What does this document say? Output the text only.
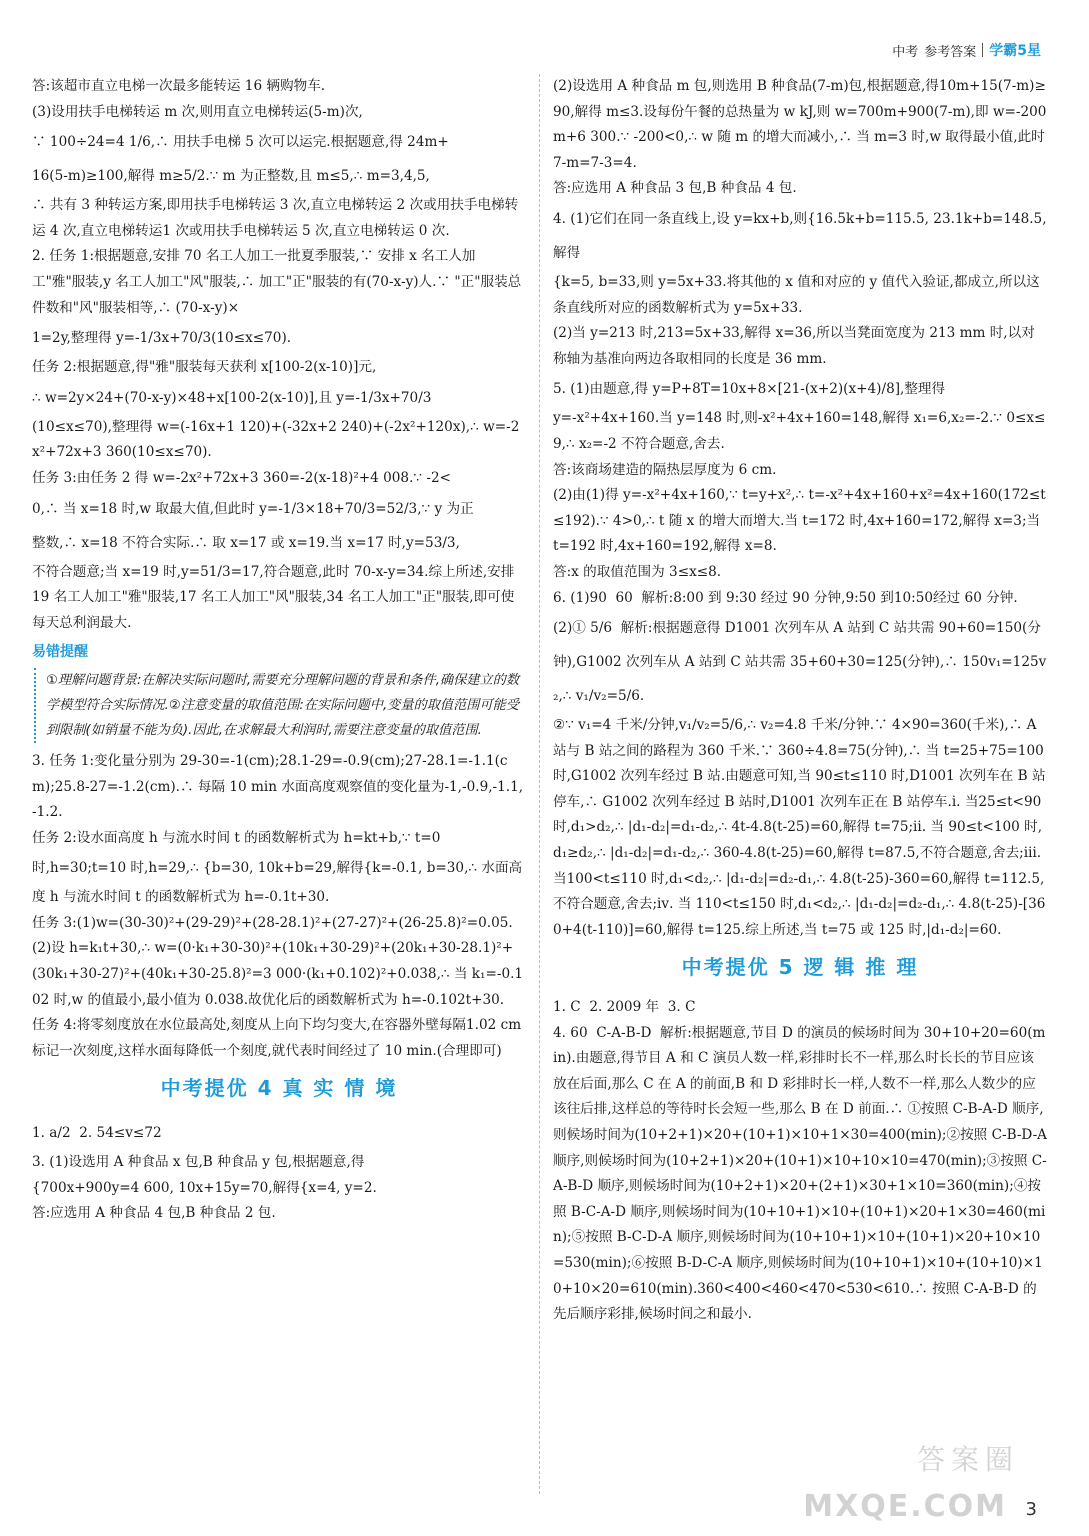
中考 参考答案 学霸5星

答:该超市直立电梯一次最多能转运 16 辆购物车.
(3)设用扶手电梯转运 m 次,则用直立电梯转运(5-m)次,

∵ 100÷24=4 1/6,∴ 用扶手电梯 5 次可以运完.根据题意,得 24m+

16(5-m)≥100,解得 m≥5/2.∵ m 为正整数,且 m≤5,∴ m=3,4,5,

∴ 共有 3 种转运方案,即用扶手电梯转运 3 次,直立电梯转运 2 次或用扶手电梯转运 4 次,直立电梯转运1 次或用扶手电梯转运 5 次,直立电梯转运 0 次.

2. 任务 1:根据题意,安排 70 名工人加工一批夏季服装,∵ 安排 x 名工人加工"雅"服装,y 名工人加工"风"服装,∴ 加工"正"服装的有(70-x-y)人.∵ "正"服装总件数和"风"服装相等,∴ (70-x-y)×

1=2y,整理得 y=-1/3x+70/3(10≤x≤70).

任务 2:根据题意,得"雅"服装每天获利 x[100-2(x-10)]元,

∴ w=2y×24+(70-x-y)×48+x[100-2(x-10)],且 y=-1/3x+70/3

(10≤x≤70),整理得 w=(-16x+1 120)+(-32x+2 240)+(-2x²+120x),∴ w=-2x²+72x+3 360(10≤x≤70).

任务 3:由任务 2 得 w=-2x²+72x+3 360=-2(x-18)²+4 008.∵ -2<

0,∴ 当 x=18 时,w 取最大值,但此时 y=-1/3×18+70/3=52/3,∵ y 为正

整数,∴ x=18 不符合实际.∴ 取 x=17 或 x=19.当 x=17 时,y=53/3,

不符合题意;当 x=19 时,y=51/3=17,符合题意,此时 70-x-y=34.综上所述,安排 19 名工人加工"雅"服装,17 名工人加工"风"服装,34 名工人加工"正"服装,即可使每天总利润最大.

易错提醒
①理解问题背景:在解决实际问题时,需要充分理解问题的背景和条件,确保建立的数学模型符合实际情况.②注意变量的取值范围:在实际问题中,变量的取值范围可能受到限制(如销量不能为负).因此,在求解最大利润时,需要注意变量的取值范围.

3. 任务 1:变化量分别为 29-30=-1(cm);28.1-29=-0.9(cm);27-28.1=-1.1(cm);25.8-27=-1.2(cm).∴ 每隔 10 min 水面高度观察值的变化量为-1,-0.9,-1.1,-1.2.
任务 2:设水面高度 h 与流水时间 t 的函数解析式为 h=kt+b,∵ t=0

时,h=30;t=10 时,h=29,∴ {b=30, 10k+b=29,解得{k=-0.1, b=30,∴ 水面高

度 h 与流水时间 t 的函数解析式为 h=-0.1t+30.
任务 3:(1)w=(30-30)²+(29-29)²+(28-28.1)²+(27-27)²+(26-25.8)²=0.05.
(2)设 h=k₁t+30,∴ w=(0·k₁+30-30)²+(10k₁+30-29)²+(20k₁+30-28.1)²+(30k₁+30-27)²+(40k₁+30-25.8)²=3 000·(k₁+0.102)²+0.038,∴ 当 k₁=-0.102 时,w 的值最小,最小值为 0.038.故优化后的函数解析式为 h=-0.102t+30.
任务 4:将零刻度放在水位最高处,刻度从上向下均匀变大,在容器外壁每隔1.02 cm 标记一次刻度,这样水面每降低一个刻度,就代表时间经过了 10 min.(合理即可)

中考提优 4 真 实 情 境

1. a/2  2. 54≤v≤72

3. (1)设选用 A 种食品 x 包,B 种食品 y 包,根据题意,得
{700x+900y=4 600, 10x+15y=70,解得{x=4, y=2.
答:应选用 A 种食品 4 包,B 种食品 2 包.

(2)设选用 A 种食品 m 包,则选用 B 种食品(7-m)包,根据题意,得10m+15(7-m)≥90,解得 m≤3.设每份午餐的总热量为 w kJ,则 w=700m+900(7-m),即 w=-200m+6 300.∵ -200<0,∴ w 随 m 的增大而减小,∴ 当 m=3 时,w 取得最小值,此时 7-m=7-3=4.
答:应选用 A 种食品 3 包,B 种食品 4 包.

4. (1)它们在同一条直线上,设 y=kx+b,则{16.5k+b=115.5, 23.1k+b=148.5,解得

{k=5, b=33,则 y=5x+33.将其他的 x 值和对应的 y 值代入验证,都成立,所以这条直线所对应的函数解析式为 y=5x+33.
(2)当 y=213 时,213=5x+33,解得 x=36,所以当凳面宽度为 213 mm 时,以对称轴为基准向两边各取相同的长度是 36 mm.

5. (1)由题意,得 y=P+8T=10x+8×[21-(x+2)(x+4)/8],整理得

y=-x²+4x+160.当 y=148 时,则-x²+4x+160=148,解得 x₁=6,x₂=-2.∵ 0≤x≤9,∴ x₂=-2 不符合题意,舍去.
答:该商场建造的隔热层厚度为 6 cm.
(2)由(1)得 y=-x²+4x+160,∵ t=y+x²,∴ t=-x²+4x+160+x²=4x+160(172≤t≤192).∵ 4>0,∴ t 随 x 的增大而增大.当 t=172 时,4x+160=172,解得 x=3;当 t=192 时,4x+160=192,解得 x=8.
答:x 的取值范围为 3≤x≤8.
6. (1)90  60  解析:8:00 到 9:30 经过 90 分钟,9:50 到10:50经过 60 分钟.

(2)① 5/6  解析:根据题意得 D1001 次列车从 A 站到 C 站共需 90+60=150(分钟),G1002 次列车从 A 站到 C 站共需 35+60+30=125(分钟),∴ 150v₁=125v₂,∴ v₁/v₂=5/6.

②∵ v₁=4 千米/分钟,v₁/v₂=5/6,∴ v₂=4.8 千米/分钟.∵ 4×90=360(千米),∴ A 站与 B 站之间的路程为 360 千米.∵ 360÷4.8=75(分钟),∴ 当 t=25+75=100 时,G1002 次列车经过 B 站.由题意可知,当 90≤t≤110 时,D1001 次列车在 B 站停车,∴ G1002 次列车经过 B 站时,D1001 次列车正在 B 站停车.ⅰ. 当25≤t<90 时,d₁>d₂,∴ |d₁-d₂|=d₁-d₂,∴ 4t-4.8(t-25)=60,解得 t=75;ⅱ. 当 90≤t<100 时,d₁≥d₂,∴ |d₁-d₂|=d₁-d₂,∴ 360-4.8(t-25)=60,解得 t=87.5,不符合题意,舍去;ⅲ. 当100<t≤110 时,d₁<d₂,∴ |d₁-d₂|=d₂-d₁,∴ 4.8(t-25)-360=60,解得 t=112.5,不符合题意,舍去;ⅳ. 当 110<t≤150 时,d₁<d₂,∴ |d₁-d₂|=d₂-d₁,∴ 4.8(t-25)-[360+4(t-110)]=60,解得 t=125.综上所述,当 t=75 或 125 时,|d₁-d₂|=60.

中考提优 5 逻 辑 推 理

1. C  2. 2009 年  3. C
4. 60  C-A-B-D  解析:根据题意,节目 D 的演员的候场时间为 30+10+20=60(min).由题意,得节目 A 和 C 演员人数一样,彩排时长不一样,那么时长长的节目应该放在后面,那么 C 在 A 的前面,B 和 D 彩排时长一样,人数不一样,那么人数少的应该往后排,这样总的等待时长会短一些,那么 B 在 D 前面.∴ ①按照 C-B-A-D 顺序,则候场时间为(10+2+1)×20+(10+1)×10+1×30=400(min);②按照 C-B-D-A 顺序,则候场时间为(10+2+1)×20+(10+1)×10+10×10=470(min);③按照 C-A-B-D 顺序,则候场时间为(10+2+1)×20+(2+1)×30+1×10=360(min);④按照 B-C-A-D 顺序,则候场时间为(10+10+1)×10+(10+1)×20+1×30=460(min);⑤按照 B-C-D-A 顺序,则候场时间为(10+10+1)×10+(10+1)×20+10×10=530(min);⑥按照 B-D-C-A 顺序,则候场时间为(10+10+1)×10+(10+10)×10+10×20=610(min).360<400<460<470<530<610.∴ 按照 C-A-B-D 的先后顺序彩排,候场时间之和最小.

答案圈
MXQE.COM 3
